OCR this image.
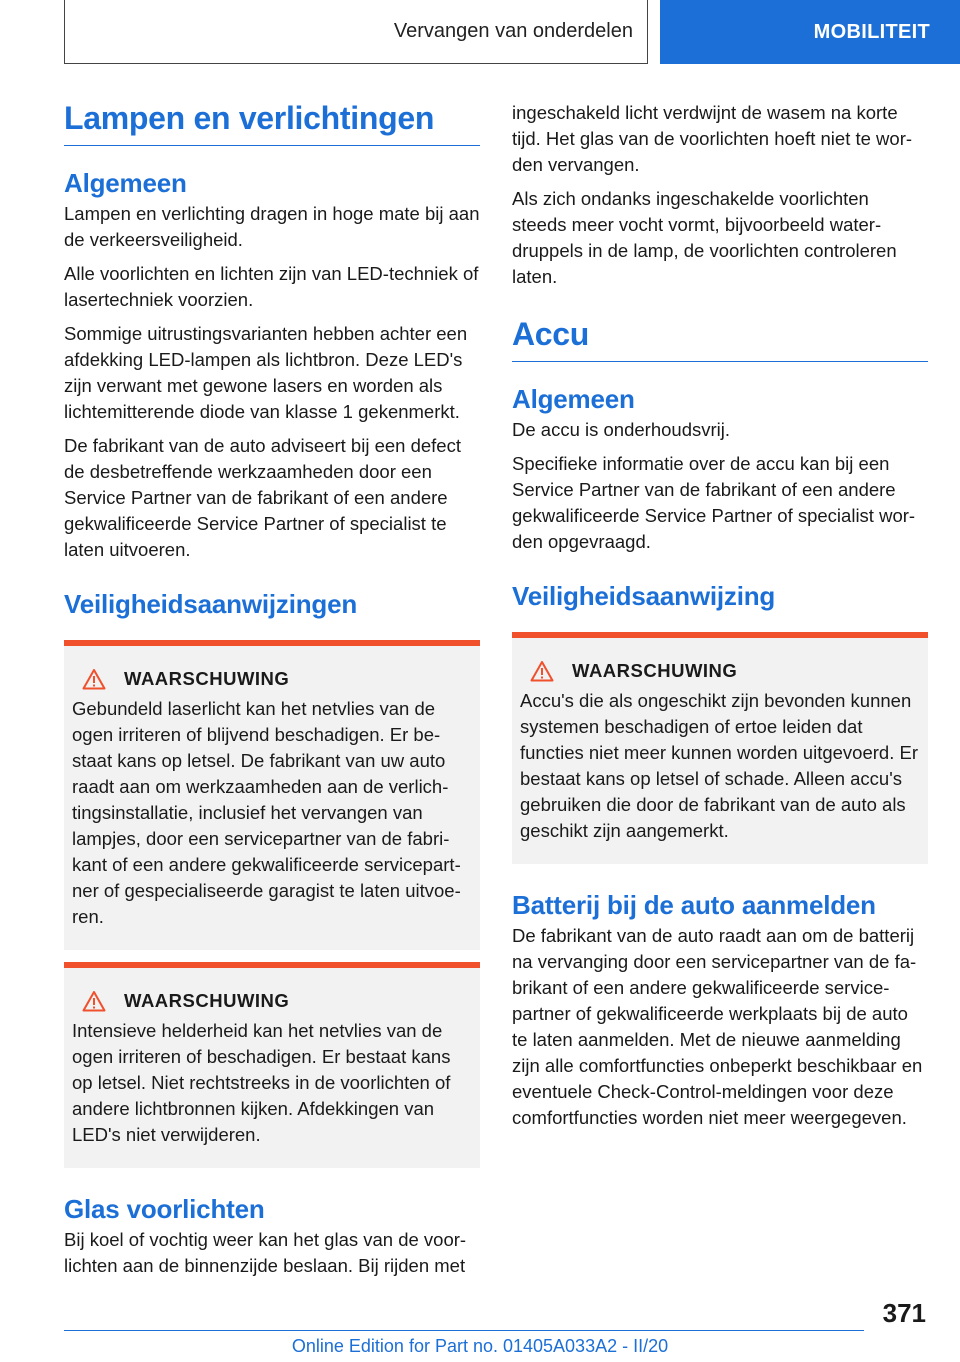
Vervangen van onderdelen	MOBILITEIT
Lampen en verlichtingen
Algemeen

Lampen en verlichting dragen in hoge mate bij aan de verkeersveiligheid.

Alle voorlichten en lichten zijn van LED-techniek of lasertechniek voorzien.

Sommige uitrustingsvarianten hebben achter een afdekking LED-lampen als lichtbron. Deze LED's zijn verwant met gewone lasers en worden als lichtemitterende diode van klasse 1 gekenmerkt.

De fabrikant van de auto adviseert bij een defect de desbetreffende werkzaamheden door een Service Partner van de fabrikant of een andere gekwalificeerde Service Partner of specialist te laten uitvoeren.

Veiligheidsaanwijzingen
WAARSCHUWING

Gebundeld laserlicht kan het netvlies van de ogen irriteren of blijvend beschadigen. Er bestaat kans op letsel. De fabrikant van uw auto raadt aan om werkzaamheden aan de verlichtingsinstallatie, inclusief het vervangen van lampjes, door een servicepartner van de fabrikant of een andere gekwalificeerde servicepartner of gespecialiseerde garagist te laten uitvoeren.

WAARSCHUWING

Intensieve helderheid kan het netvlies van de ogen irriteren of beschadigen. Er bestaat kans op letsel. Niet rechtstreeks in de voorlichten of andere lichtbronnen kijken. Afdekkingen van LED's niet verwijderen.

Glas voorlichten

Bij koel of vochtig weer kan het glas van de voorlichten aan de binnenzijde beslaan. Bij rijden met

ingeschakeld licht verdwijnt de wasem na korte tijd. Het glas van de voorlichten hoeft niet te worden vervangen.

Als zich ondanks ingeschakelde voorlichten steeds meer vocht vormt, bijvoorbeeld waterdruppels in de lamp, de voorlichten controleren laten.

Accu
Algemeen

De accu is onderhoudsvrij.

Specifieke informatie over de accu kan bij een Service Partner van de fabrikant of een andere gekwalificeerde Service Partner of specialist worden opgevraagd.

Veiligheidsaanwijzing
WAARSCHUWING

Accu's die als ongeschikt zijn bevonden kunnen systemen beschadigen of ertoe leiden dat functies niet meer kunnen worden uitgevoerd. Er bestaat kans op letsel of schade. Alleen accu's gebruiken die door de fabrikant van de auto als geschikt zijn aangemerkt.

Batterij bij de auto aanmelden

De fabrikant van de auto raadt aan om de batterij na vervanging door een servicepartner van de fabrikant of een andere gekwalificeerde servicepartner of gekwalificeerde werkplaats bij de auto te laten aanmelden. Met de nieuwe aanmelding zijn alle comfortfuncties onbeperkt beschikbaar en eventuele Check-Control-meldingen voor deze comfortfuncties worden niet meer weergegeven.

371
Online Edition for Part no. 01405A033A2 - II/20
